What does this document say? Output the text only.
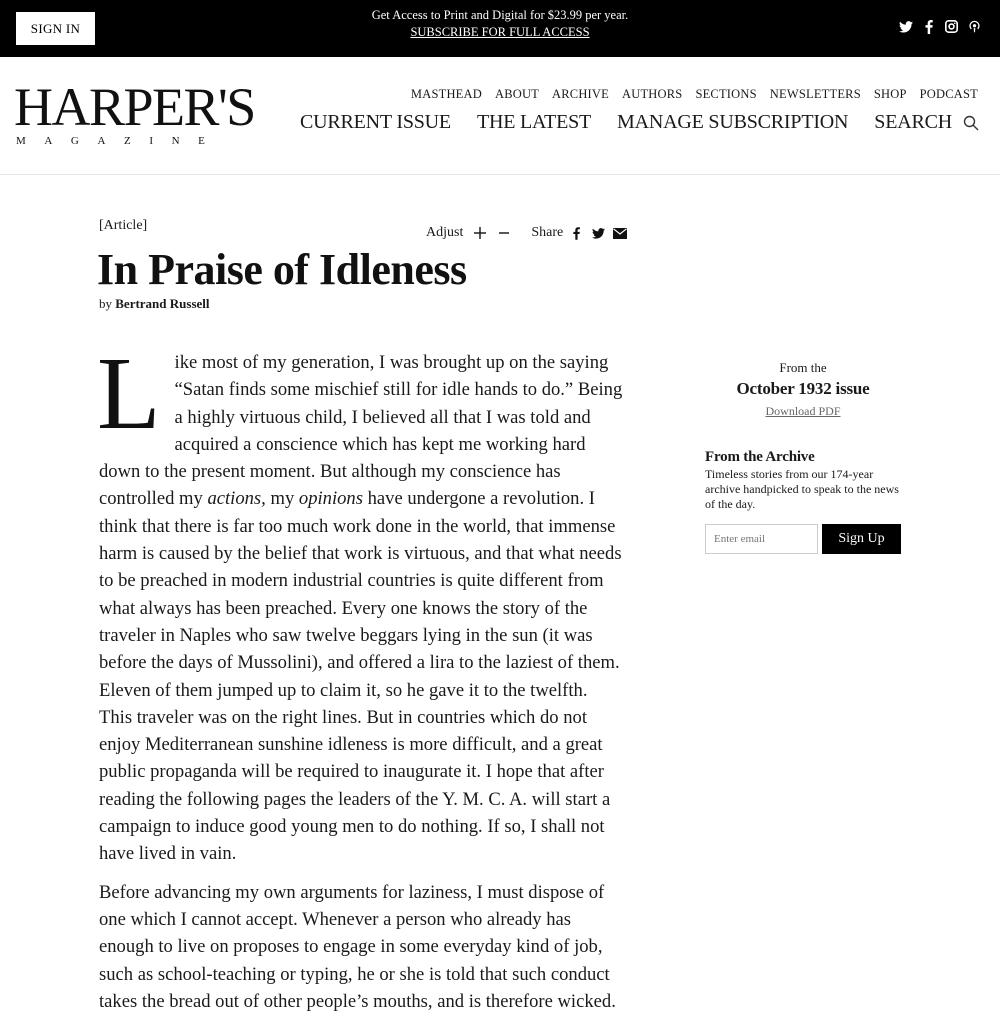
SIGN IN
Get Access to Print and Digital for $23.99 per year.
SUBSCRIBE FOR FULL ACCESS
HARPER'S
MAGAZINE
MASTHEAD ABOUT ARCHIVE AUTHORS SECTIONS NEWSLETTERS SHOP PODCAST
CURRENT ISSUE THE LATEST MANAGE SUBSCRIPTION SEARCH
[Article]	Adjust	Share
In Praise of Idleness
by Bertrand Russell

Like most of my generation, I was brought up on the saying “Satan finds some mischief still for idle hands to do.” Being a highly virtuous child, I believed all that I was told and acquired a conscience which has kept me working hard down to the present moment. But although my conscience has controlled my actions, my opinions have undergone a revolution. I think that there is far too much work done in the world, that immense harm is caused by the belief that work is virtuous, and that what needs to be preached in modern industrial countries is quite different from what always has been preached. Every one knows the story of the traveler in Naples who saw twelve beggars lying in the sun (it was before the days of Mussolini), and offered a lira to the laziest of them. Eleven of them jumped up to claim it, so he gave it to the twelfth. This traveler was on the right lines. But in countries which do not enjoy Mediterranean sunshine idleness is more difficult, and a great public propaganda will be required to inaugurate it. I hope that after reading the following pages the leaders of the Y. M. C. A. will start a campaign to induce good young men to do nothing. If so, I shall not have lived in vain.

Before advancing my own arguments for laziness, I must dispose of one which I cannot accept. Whenever a person who already has enough to live on proposes to engage in some everyday kind of job, such as school-teaching or typing, he or she is told that such conduct takes the bread out of other people’s mouths, and is therefore wicked.

From the
October 1932 issue
Download PDF
From the Archive
Timeless stories from our 174-year archive handpicked to speak to the news of the day.
Enter email
Sign Up
